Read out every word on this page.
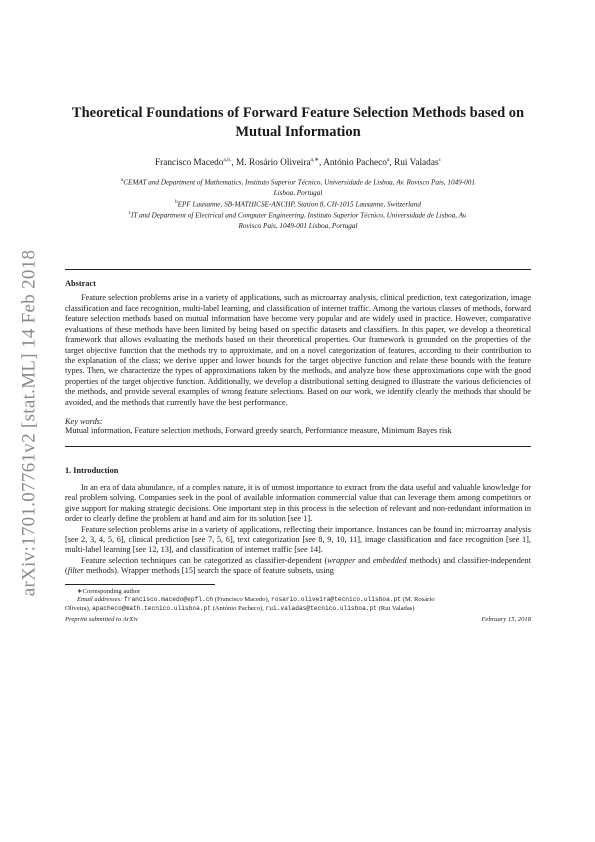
arXiv:1701.07761v2 [stat.ML] 14 Feb 2018
Theoretical Foundations of Forward Feature Selection Methods based on
Mutual Information
Francisco Macedo$^{a,b,}$, M. Rosário Oliveira$^{a,∗}$, António Pacheco$^a$, Rui Valadas$^c$
$^a$CEMAT and Department of Mathematics, Instituto Superior Técnico, Universidade de Lisboa, Av. Rovisco Pais, 1049-001
Lisboa, Portugal
$^b$EPF Lausanne, SB-MATHICSE-ANCHP, Station 8, CH-1015 Lausanne, Switzerland
$^c$IT and Department of Electrical and Computer Engineering, Instituto Superior Técnico, Universidade de Lisboa, Av.
Rovisco Pais, 1049-001 Lisboa, Portugal
Abstract

Feature selection problems arise in a variety of applications, such as microarray analysis, clinical prediction, text categorization, image classification and face recognition, multi-label learning, and classification of internet traffic. Among the various classes of methods, forward feature selection methods based on mutual information have become very popular and are widely used in practice. However, comparative evaluations of these methods have been limited by being based on specific datasets and classifiers. In this paper, we develop a theoretical framework that allows evaluating the methods based on their theoretical properties. Our framework is grounded on the properties of the target objective function that the methods try to approximate, and on a novel categorization of features, according to their contribution to the explanation of the class; we derive upper and lower bounds for the target objective function and relate these bounds with the feature types. Then, we characterize the types of approximations taken by the methods, and analyze how these approximations cope with the good properties of the target objective function. Additionally, we develop a distributional setting designed to illustrate the various deficiencies of the methods, and provide several examples of wrong feature selections. Based on our work, we identify clearly the methods that should be avoided, and the methods that currently have the best performance.

Key words:
Mutual information, Feature selection methods, Forward greedy search, Performance measure, Minimum Bayes risk
1. Introduction

In an era of data abundance, of a complex nature, it is of utmost importance to extract from the data useful and valuable knowledge for real problem solving. Companies seek in the pool of available information commercial value that can leverage them among competitors or give support for making strategic decisions. One important step in this process is the selection of relevant and non-redundant information in order to clearly define the problem at hand and aim for its solution [see 1].

Feature selection problems arise in a variety of applications, reflecting their importance. Instances can be found in: microarray analysis [see 2, 3, 4, 5, 6], clinical prediction [see 7, 5, 6], text categorization [see 8, 9, 10, 11], image classification and face recognition [see 1], multi-label learning [see 12, 13], and classification of internet traffic [see 14].

Feature selection techniques can be categorized as classifier-dependent (wrapper and embedded methods) and classifier-independent (filter methods). Wrapper methods [15] search the space of feature subsets, using

∗Corresponding author
Email addresses: francisco.macedo@epfl.ch (Francisco Macedo), rosario.oliveira@tecnico.ulisboa.pt (M. Rosário
Oliveira), apacheco@math.tecnico.ulisboa.pt (António Pacheco), rui.valadas@tecnico.ulisboa.pt (Rui Valadas)
Preprint submitted to ArXiv	February 15, 2018
